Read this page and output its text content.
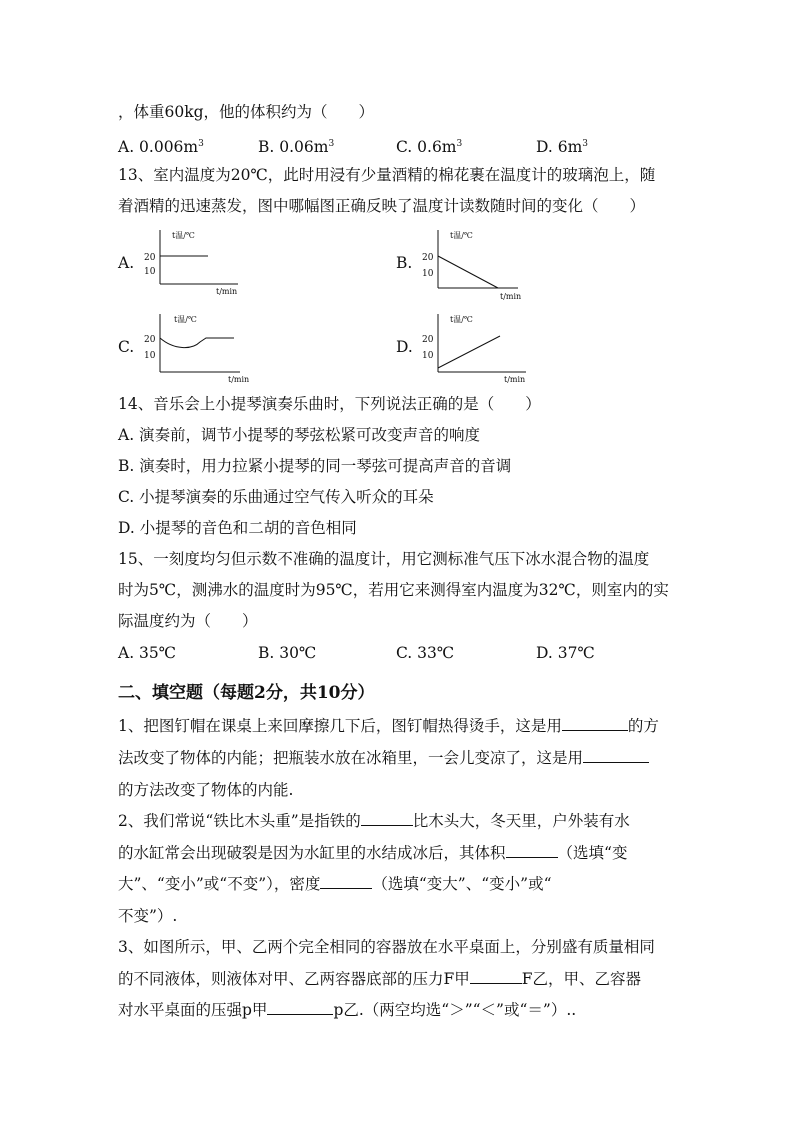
，体重60kg，他的体积约为（　　）
A. $0.006m^3$	B. $0.06m^3$	C. $0.6m^3$	D. $6m^3$
13、室内温度为20℃，此时用浸有少量酒精的棉花裹在温度计的玻璃泡上，随
着酒精的迅速蒸发，图中哪幅图正确反映了温度计读数随时间的变化（　　）
A.
t温/℃
20
10
t/min
B.
t温/℃
20
10
t/min
C.
t温/℃
20
10
t/min
D.
t温/℃
20
10
t/min
14、音乐会上小提琴演奏乐曲时，下列说法正确的是（　　）
A. 演奏前，调节小提琴的琴弦松紧可改变声音的响度
B. 演奏时，用力拉紧小提琴的同一琴弦可提高声音的音调
C. 小提琴演奏的乐曲通过空气传入听众的耳朵
D. 小提琴的音色和二胡的音色相同
15、一刻度均匀但示数不准确的温度计，用它测标准气压下冰水混合物的温度
时为5℃，测沸水的温度时为95℃，若用它来测得室内温度为32℃，则室内的实
际温度约为（　　）
A. 35℃	B. 30℃	C. 33℃	D. 37℃
二、填空题（每题2分，共10分）
1、把图钉帽在课桌上来回摩擦几下后，图钉帽热得烫手，这是用	的方
法改变了物体的内能；把瓶装水放在冰箱里，一会儿变凉了，这是用
的方法改变了物体的内能.
2、我们常说“铁比木头重”是指铁的	比木头大，冬天里，户外装有水
的水缸常会出现破裂是因为水缸里的水结成冰后，其体积	（选填“变
大”、“变小”或“不变”），密度	（选填“变大”、“变小”或“
不变”）.
3、如图所示，甲、乙两个完全相同的容器放在水平桌面上，分别盛有质量相同
的不同液体，则液体对甲、乙两容器底部的压力F甲	F乙，甲、乙容器
对水平桌面的压强p甲	p乙.（两空均选“＞”“＜”或“＝”）..
